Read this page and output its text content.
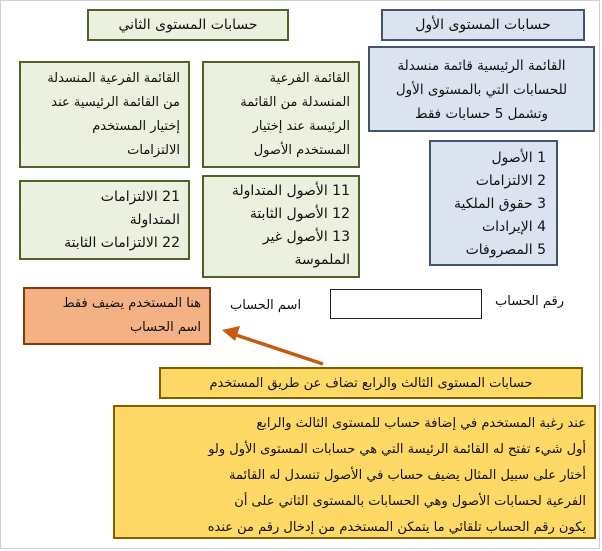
حسابات المستوى الأول
القائمة الرئيسية قائمة منسدلة
للحسابات التي بالمستوى الأول
وتشمل 5 حسابات فقط
1 الأصول
2 الالتزامات
3 حقوق الملكية
4 الإيرادات
5 المصروفات
حسابات المستوى الثاني
القائمة الفرعية
المنسدلة من القائمة
الرئيسة عند إختيار
المستخدم الأصول
القائمة الفرعية المنسدلة
من القائمة الرئيسية عند
إختيار المستخدم
الالتزامات
11 الأصول المتداولة
12 الأصول الثابتة
13 الأصول غير
الملموسة
21 الالتزامات
المتداولة
22 الالتزامات الثابتة
رقم الحساب
اسم الحساب
هنا المستخدم يضيف فقط
اسم الحساب
حسابات المستوى الثالث والرابع تضاف عن طريق المستخدم
عند رغبة المستخدم في إضافة حساب للمستوى الثالث والرابع
أول شيء تفتح له القائمة الرئيسة التي هي حسابات المستوى الأول ولو
أختار على سبيل المثال يضيف حساب في الأصول تنسدل له القائمة
الفرعية لحسابات الأصول وهي الحسابات بالمستوى الثاني على أن
يكون رقم الحساب تلقائي ما يتمكن المستخدم من إدخال رقم من عنده
